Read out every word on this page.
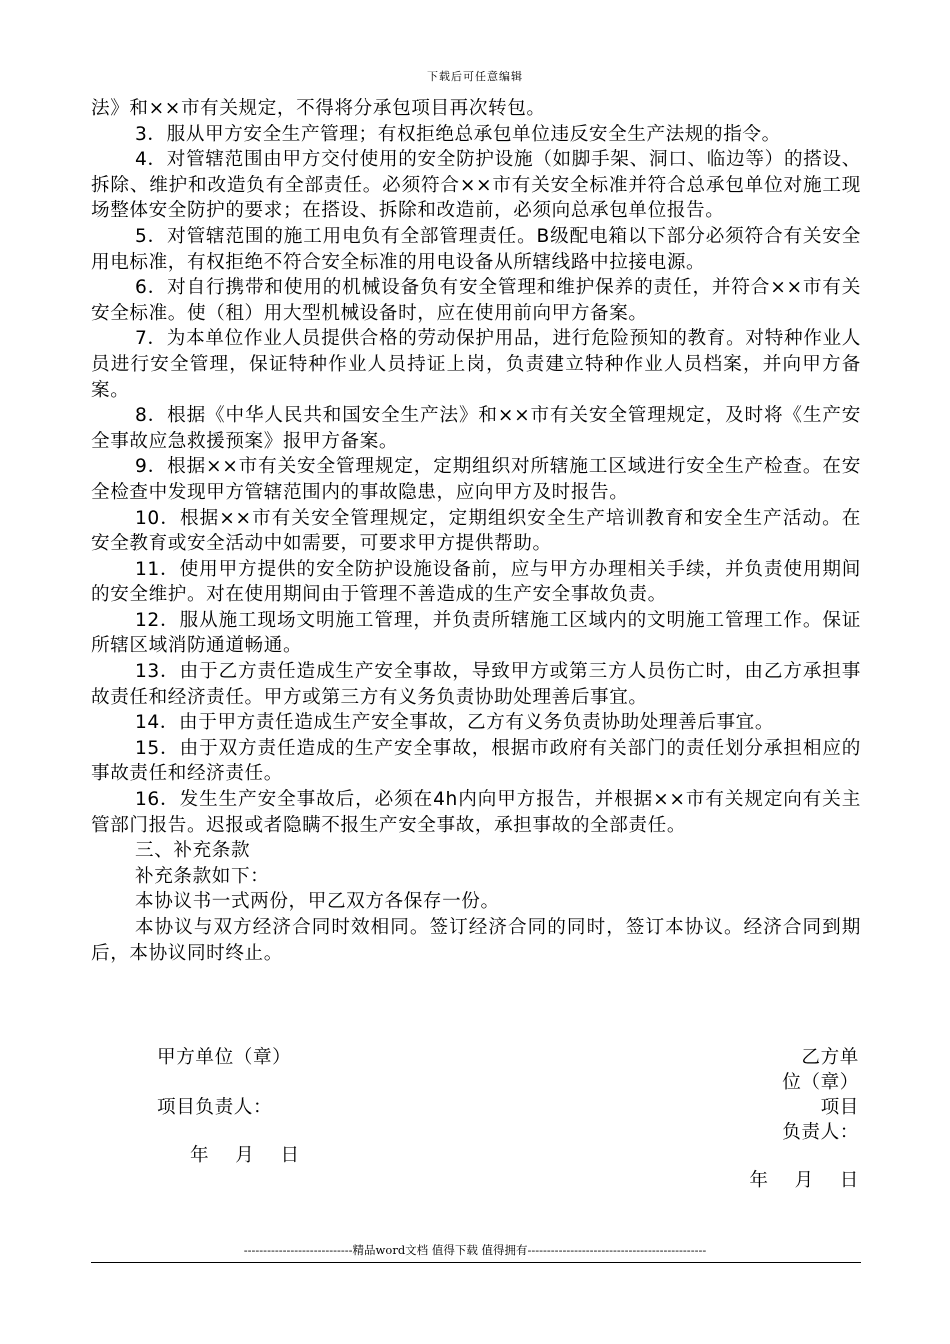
下载后可任意编辑

法》和××市有关规定，不得将分承包项目再次转包。

3．服从甲方安全生产管理；有权拒绝总承包单位违反安全生产法规的指令。

4．对管辖范围由甲方交付使用的安全防护设施（如脚手架、洞口、临边等）的搭设、拆除、维护和改造负有全部责任。必须符合××市有关安全标准并符合总承包单位对施工现场整体安全防护的要求；在搭设、拆除和改造前，必须向总承包单位报告。

5．对管辖范围的施工用电负有全部管理责任。B级配电箱以下部分必须符合有关安全用电标准，有权拒绝不符合安全标准的用电设备从所辖线路中拉接电源。

6．对自行携带和使用的机械设备负有安全管理和维护保养的责任，并符合××市有关安全标准。使（租）用大型机械设备时，应在使用前向甲方备案。

7．为本单位作业人员提供合格的劳动保护用品，进行危险预知的教育。对特种作业人员进行安全管理，保证特种作业人员持证上岗，负责建立特种作业人员档案，并向甲方备案。

8．根据《中华人民共和国安全生产法》和××市有关安全管理规定，及时将《生产安全事故应急救援预案》报甲方备案。

9．根据××市有关安全管理规定，定期组织对所辖施工区域进行安全生产检查。在安全检查中发现甲方管辖范围内的事故隐患，应向甲方及时报告。

10．根据××市有关安全管理规定，定期组织安全生产培训教育和安全生产活动。在安全教育或安全活动中如需要，可要求甲方提供帮助。

11．使用甲方提供的安全防护设施设备前，应与甲方办理相关手续，并负责使用期间的安全维护。对在使用期间由于管理不善造成的生产安全事故负责。

12．服从施工现场文明施工管理，并负责所辖施工区域内的文明施工管理工作。保证所辖区域消防通道畅通。

13．由于乙方责任造成生产安全事故，导致甲方或第三方人员伤亡时，由乙方承担事故责任和经济责任。甲方或第三方有义务负责协助处理善后事宜。

14．由于甲方责任造成生产安全事故，乙方有义务负责协助处理善后事宜。

15．由于双方责任造成的生产安全事故，根据市政府有关部门的责任划分承担相应的事故责任和经济责任。

16．发生生产安全事故后，必须在4h内向甲方报告，并根据××市有关规定向有关主管部门报告。迟报或者隐瞒不报生产安全事故，承担事故的全部责任。

三、补充条款

补充条款如下：

本协议书一式两份，甲乙双方各保存一份。

本协议与双方经济合同时效相同。签订经济合同的同时，签订本协议。经济合同到期后，本协议同时终止。

甲方单位（章）	乙方单
位（章）
项目负责人：	项目
负责人：
年    月    日
年    月    日
----------------------------精品word文档 值得下载 值得拥有----------------------------------------------
